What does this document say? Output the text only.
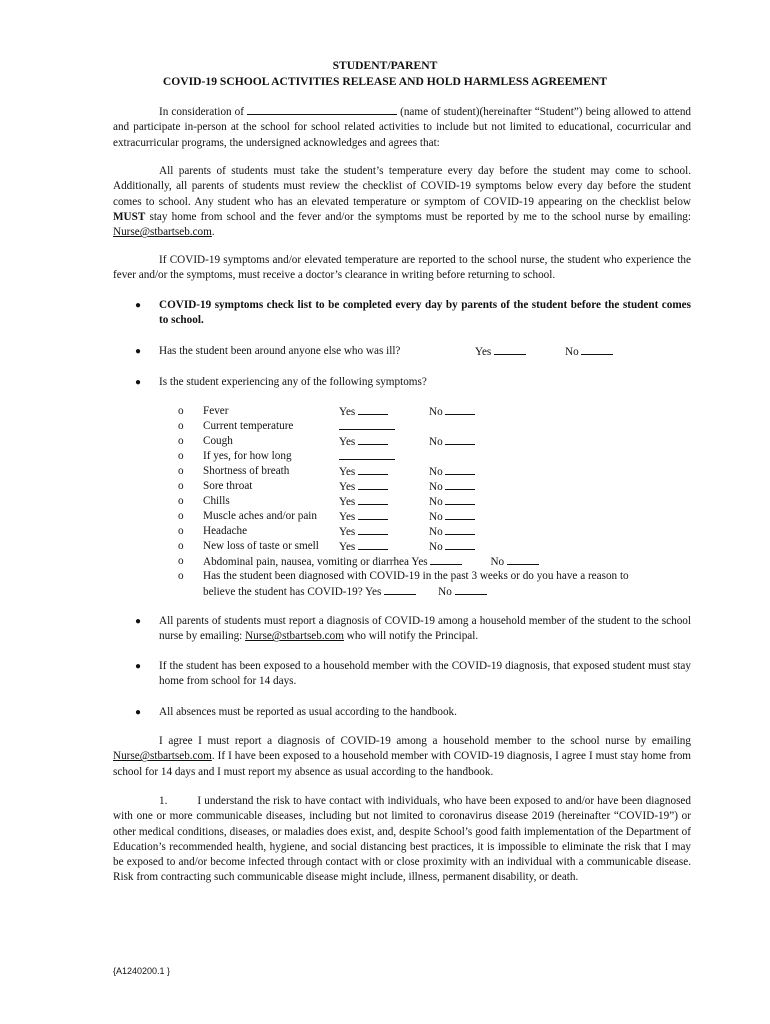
STUDENT/PARENT
COVID-19 SCHOOL ACTIVITIES RELEASE AND HOLD HARMLESS AGREEMENT

In consideration of	(name of student)(hereinafter “Student”) being allowed to attend and participate in-person at the school for school related activities to include but not limited to educational, cocurricular and extracurricular programs, the undersigned acknowledges and agrees that:

All parents of students must take the student’s temperature every day before the student may come to school. Additionally, all parents of students must review the checklist of COVID-19 symptoms below every day before the student comes to school. Any student who has an elevated temperature or symptom of COVID-19 appearing on the checklist below MUST stay home from school and the fever and/or the symptoms must be reported by me to the school nurse by emailing: Nurse@stbartseb.com.

If COVID-19 symptoms and/or elevated temperature are reported to the school nurse, the student who experience the fever and/or the symptoms, must receive a doctor’s clearance in writing before returning to school.

● COVID-19 symptoms check list to be completed every day by parents of the student before the student comes to school.
● Has the student been around anyone else who was ill?	Yes	No
● Is the student experiencing any of the following symptoms?
o Fever	Yes	No
o Current temperature
o Cough	Yes	No
o If yes, for how long
o Shortness of breath	Yes	No
o Sore throat	Yes	No
o Chills	Yes	No
o Muscle aches and/or pain Yes	No
o Headache	Yes	No
o New loss of taste or smell Yes	No
o Abdominal pain, nausea, vomiting or diarrhea Yes	No
o Has the student been diagnosed with COVID-19 in the past 3 weeks or do you have a reason to
believe the student has COVID-19? Yes	No
● All parents of students must report a diagnosis of COVID-19 among a household member of the student to the school nurse by emailing: Nurse@stbartseb.com who will notify the Principal.
● If the student has been exposed to a household member with the COVID-19 diagnosis, that exposed student must stay home from school for 14 days.
● All absences must be reported as usual according to the handbook.

I agree I must report a diagnosis of COVID-19 among a household member to the school nurse by emailing Nurse@stbartseb.com. If I have been exposed to a household member with COVID-19 diagnosis, I agree I must stay home from school for 14 days and I must report my absence as usual according to the handbook.

1.	I understand the risk to have contact with individuals, who have been exposed to and/or have been diagnosed with one or more communicable diseases, including but not limited to coronavirus disease 2019 (hereinafter “COVID-19”) or other medical conditions, diseases, or maladies does exist, and, despite School’s good faith implementation of the Department of Education’s recommended health, hygiene, and social distancing best practices, it is impossible to eliminate the risk that I may be exposed to and/or become infected through contact with or close proximity with an individual with a communicable disease. Risk from contracting such communicable disease might include, illness, permanent disability, or death.

{A1240200.1 }
